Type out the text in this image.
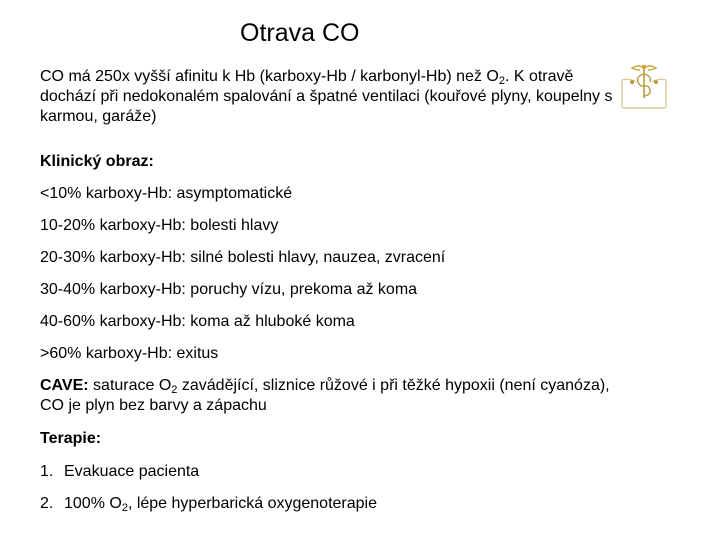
Otrava CO

CO má 250x vyšší afinitu k Hb (karboxy-Hb / karbonyl-Hb) než $O_2$. K otravě dochází při nedokonalém spalování a špatné ventilaci (kouřové plyny, koupelny s karmou, garáže)

Klinický obraz:

<10% karboxy-Hb: asymptomatické

10-20% karboxy-Hb: bolesti hlavy

20-30% karboxy-Hb: silné bolesti hlavy, nauzea, zvracení

30-40% karboxy-Hb: poruchy vízu, prekoma až koma

40-60% karboxy-Hb: koma až hluboké koma

>60% karboxy-Hb: exitus

CAVE: saturace $O_2$ zavádějící, sliznice růžové i při těžké hypoxii (není cyanóza), CO je plyn bez barvy a zápachu

Terapie:

1. Evakuace pacienta

2. 100% $O_2$, lépe hyperbarická oxygenoterapie
